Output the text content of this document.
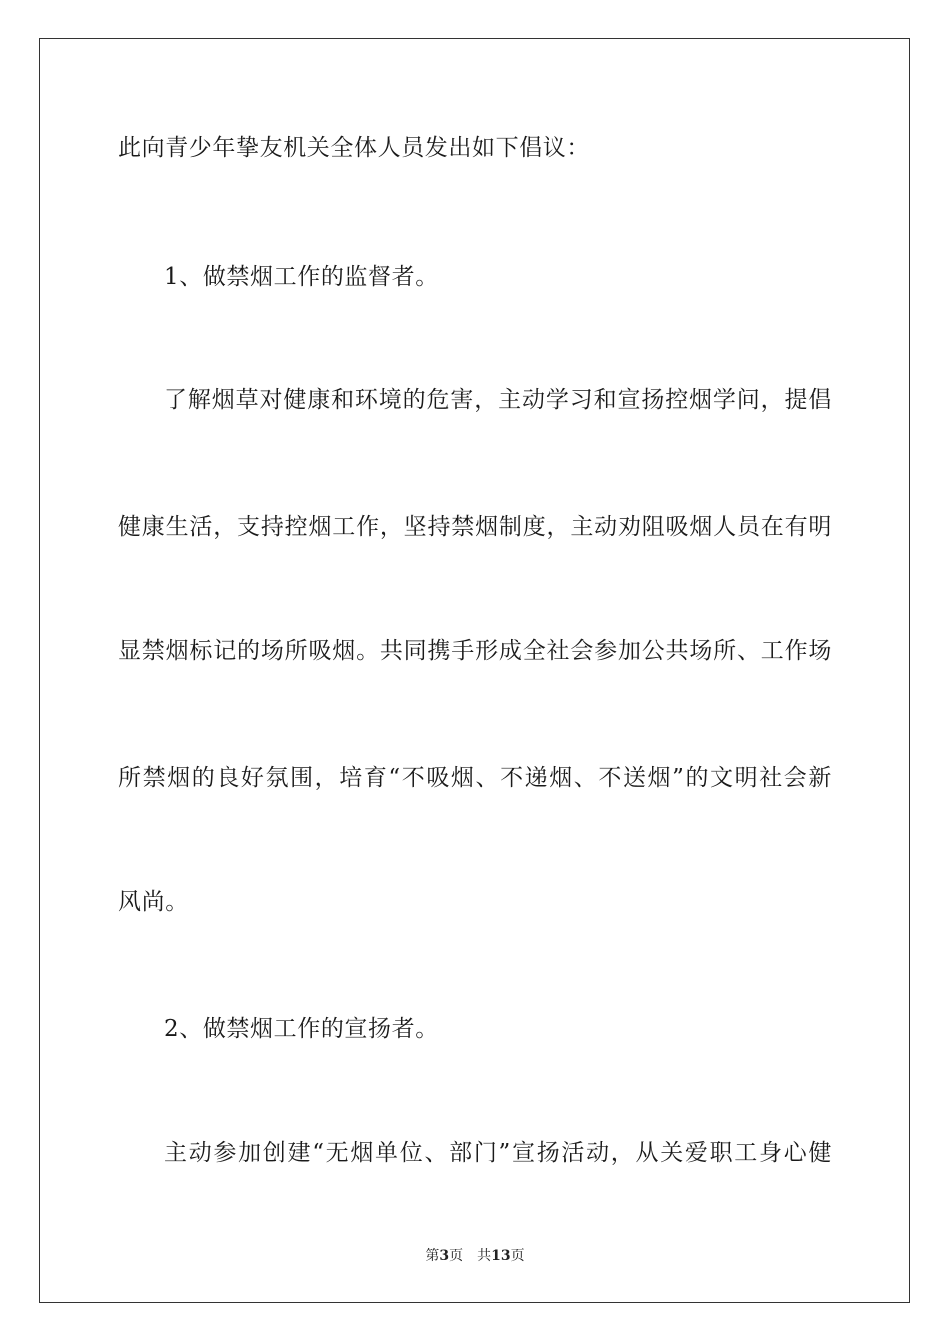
此向青少年挚友机关全体人员发出如下倡议：
1、做禁烟工作的监督者。
了解烟草对健康和环境的危害，主动学习和宣扬控烟学问，提倡
健康生活，支持控烟工作，坚持禁烟制度，主动劝阻吸烟人员在有明
显禁烟标记的场所吸烟。共同携手形成全社会参加公共场所、工作场
所禁烟的良好氛围，培育“不吸烟、不递烟、不送烟”的文明社会新
风尚。
2、做禁烟工作的宣扬者。
主动参加创建“无烟单位、部门”宣扬活动，从关爱职工身心健
第3页 共13页
